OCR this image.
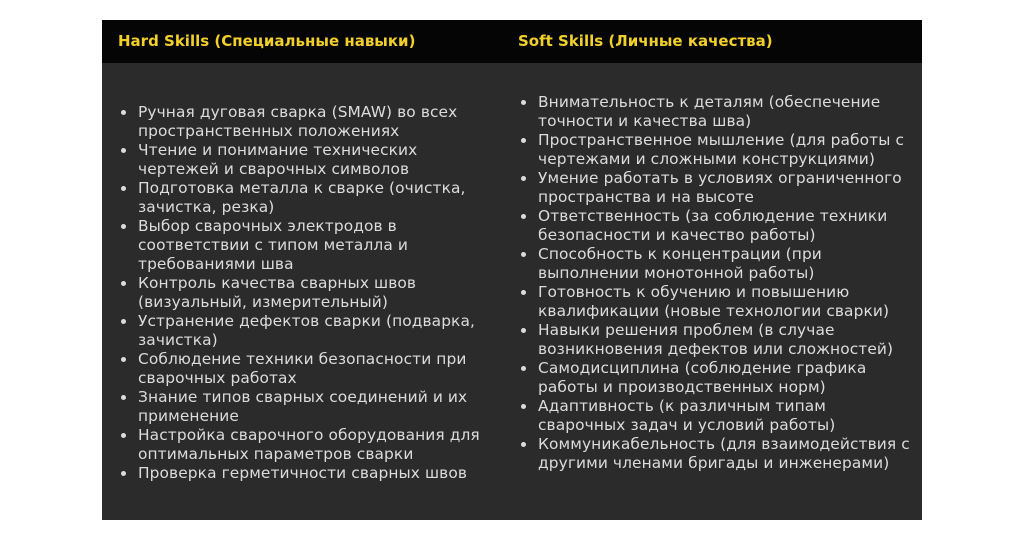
Hard Skills (Специальные навыки)	Soft Skills (Личные качества)
Ручная дуговая сварка (SMAW) во всех пространственных положениях
Чтение и понимание технических чертежей и сварочных символов
Подготовка металла к сварке (очистка, зачистка, резка)
Выбор сварочных электродов в соответствии с типом металла и требованиями шва
Контроль качества сварных швов (визуальный, измерительный)
Устранение дефектов сварки (подварка, зачистка)
Соблюдение техники безопасности при сварочных работах
Знание типов сварных соединений и их применение
Настройка сварочного оборудования для оптимальных параметров сварки
Проверка герметичности сварных швов
Внимательность к деталям (обеспечение точности и качества шва)
Пространственное мышление (для работы с чертежами и сложными конструкциями)
Умение работать в условиях ограниченного пространства и на высоте
Ответственность (за соблюдение техники безопасности и качество работы)
Способность к концентрации (при выполнении монотонной работы)
Готовность к обучению и повышению квалификации (новые технологии сварки)
Навыки решения проблем (в случае возникновения дефектов или сложностей)
Самодисциплина (соблюдение графика работы и производственных норм)
Адаптивность (к различным типам сварочных задач и условий работы)
Коммуникабельность (для взаимодействия с другими членами бригады и инженерами)
